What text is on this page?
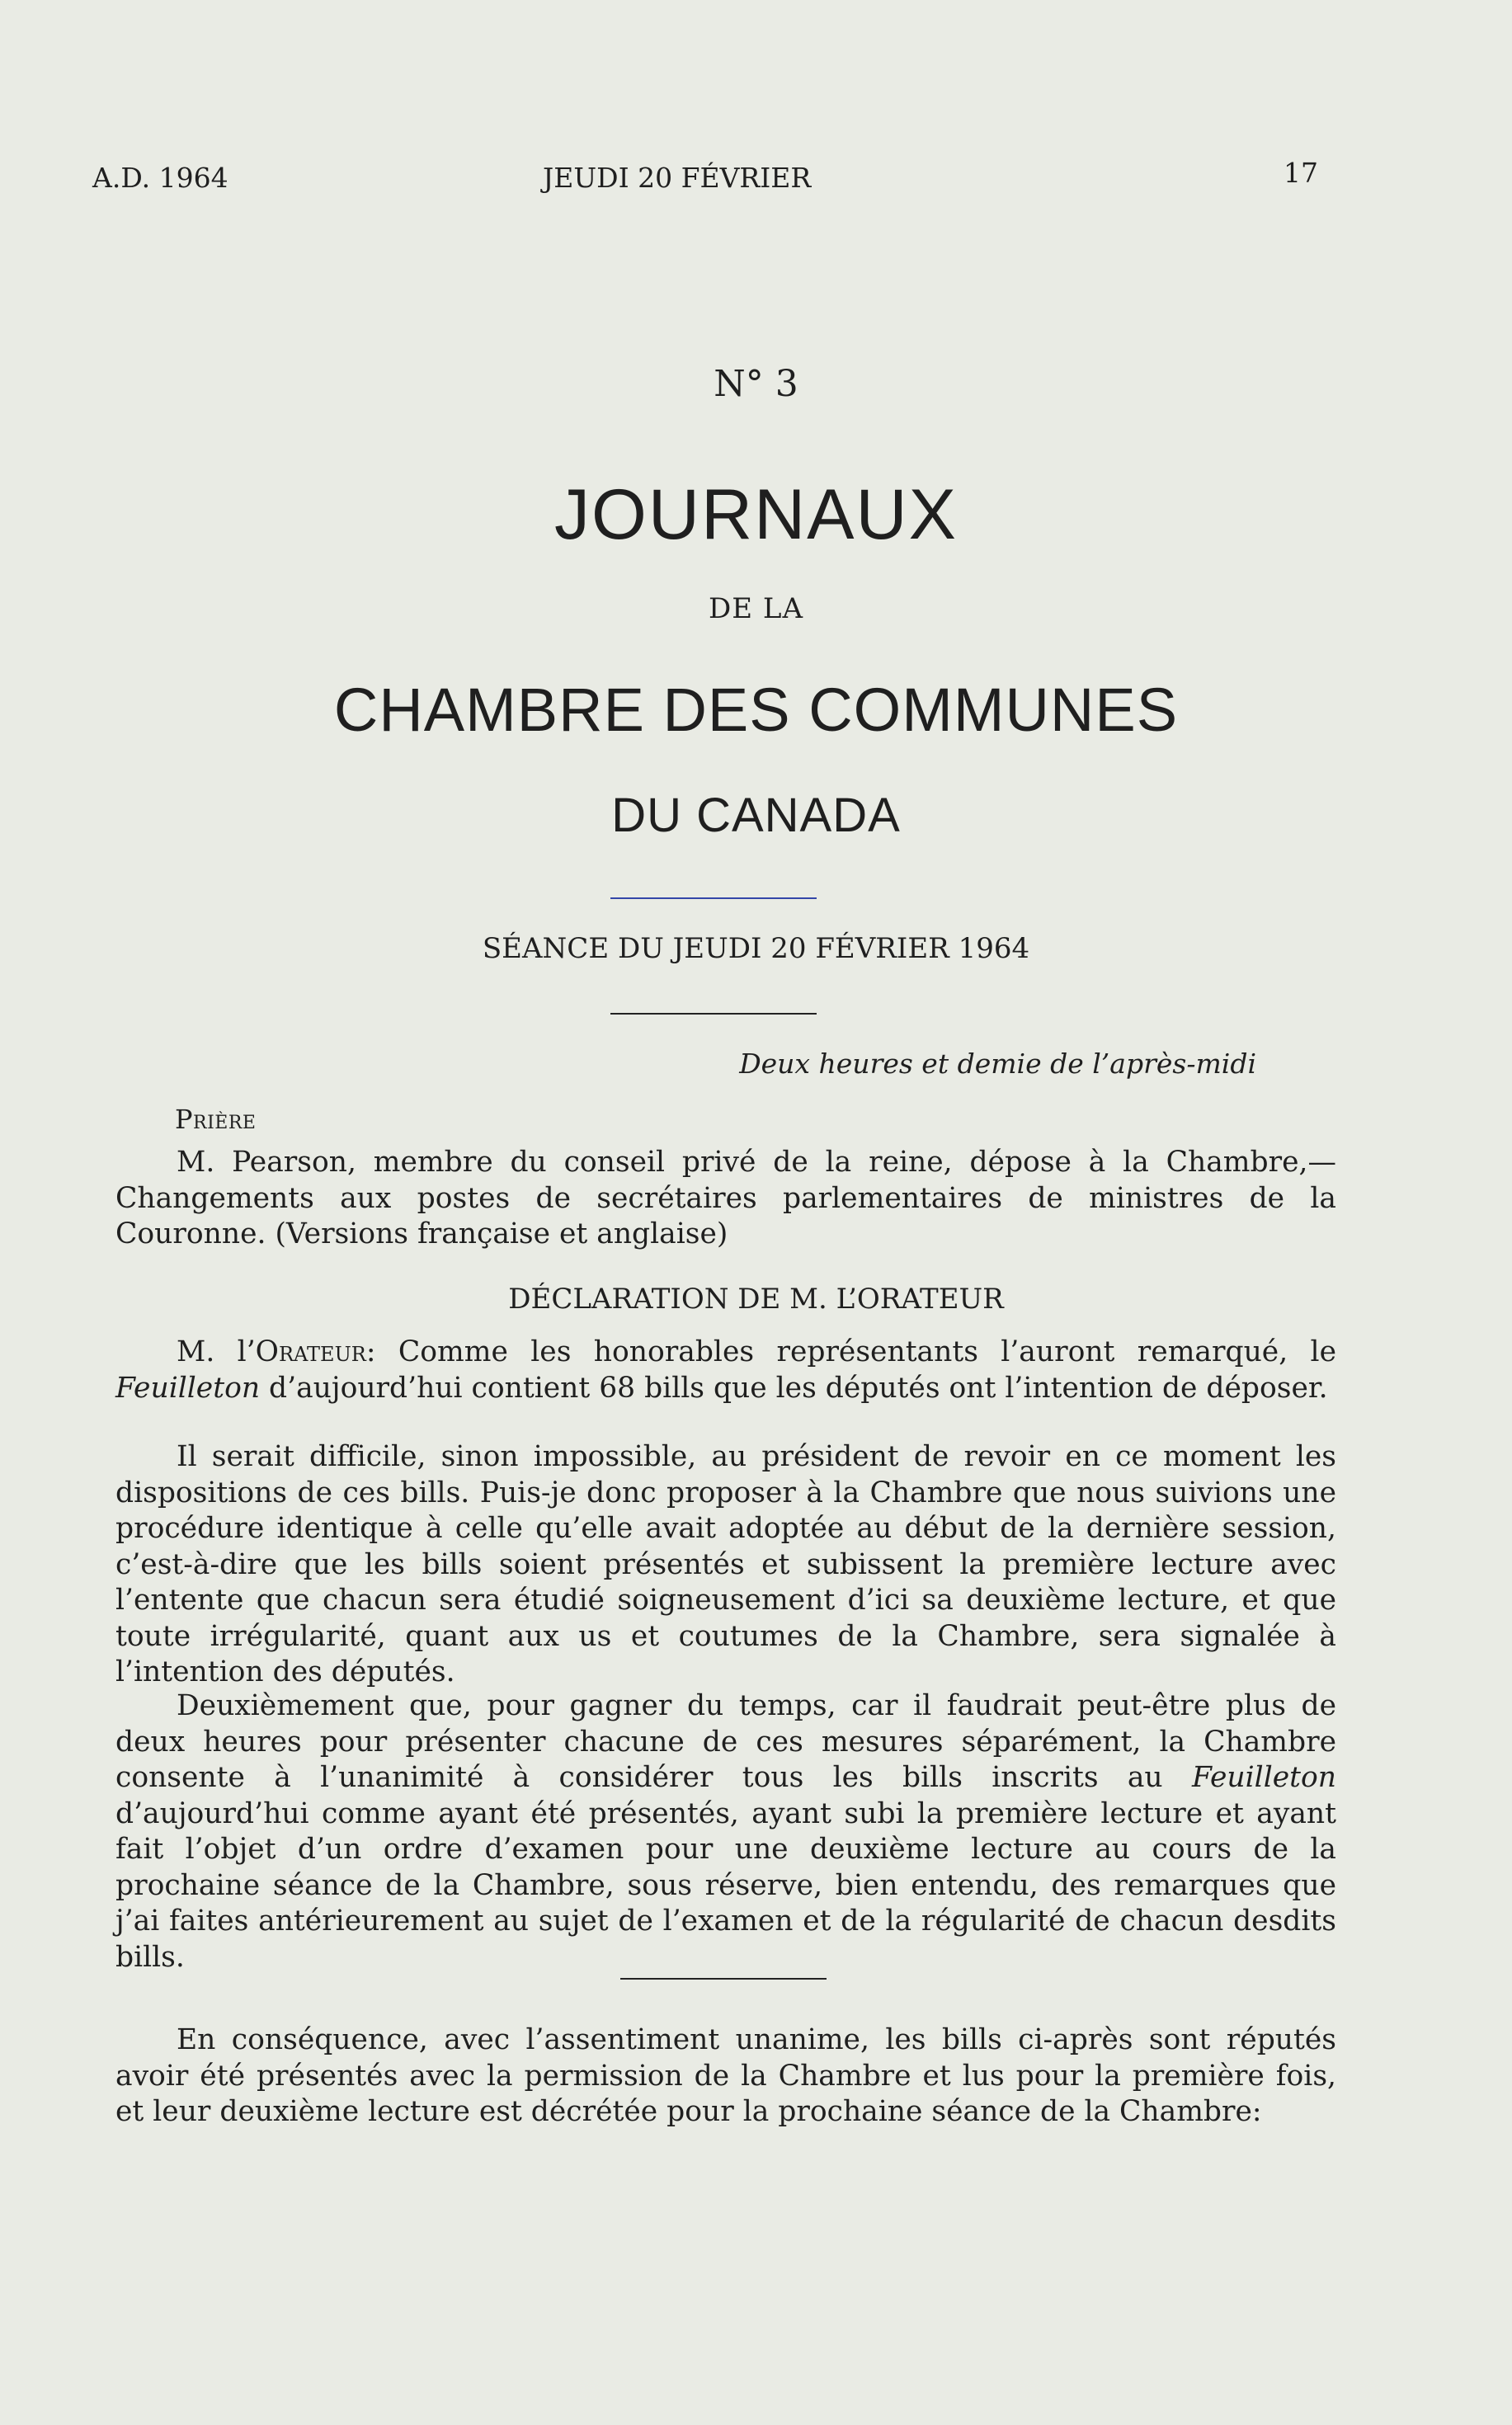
A.D. 1964	JEUDI 20 FÉVRIER	17
N° 3
JOURNAUX
DE LA
CHAMBRE DES COMMUNES
DU CANADA
SÉANCE DU JEUDI 20 FÉVRIER 1964
Deux heures et demie de l’après-midi
Prière
M. Pearson, membre du conseil privé de la reine, dépose à la Chambre,—Changements aux postes de secrétaires parlementaires de ministres de la Couronne. (Versions française et anglaise)
DÉCLARATION DE M. L’ORATEUR
M. l’Orateur: Comme les honorables représentants l’auront remarqué, le Feuilleton d’aujourd’hui contient 68 bills que les députés ont l’intention de déposer.
Il serait difficile, sinon impossible, au président de revoir en ce moment les dispositions de ces bills. Puis-je donc proposer à la Chambre que nous suivions une procédure identique à celle qu’elle avait adoptée au début de la dernière session, c’est-à-dire que les bills soient présentés et subissent la première lecture avec l’entente que chacun sera étudié soigneusement d’ici sa deuxième lecture, et que toute irrégularité, quant aux us et coutumes de la Chambre, sera signalée à l’intention des députés.
Deuxièmement que, pour gagner du temps, car il faudrait peut-être plus de deux heures pour présenter chacune de ces mesures séparément, la Chambre consente à l’unanimité à considérer tous les bills inscrits au Feuilleton d’aujourd’hui comme ayant été présentés, ayant subi la première lecture et ayant fait l’objet d’un ordre d’examen pour une deuxième lecture au cours de la prochaine séance de la Chambre, sous réserve, bien entendu, des remarques que j’ai faites antérieurement au sujet de l’examen et de la régularité de chacun desdits bills.
En conséquence, avec l’assentiment unanime, les bills ci-après sont réputés avoir été présentés avec la permission de la Chambre et lus pour la première fois, et leur deuxième lecture est décrétée pour la prochaine séance de la Chambre:
